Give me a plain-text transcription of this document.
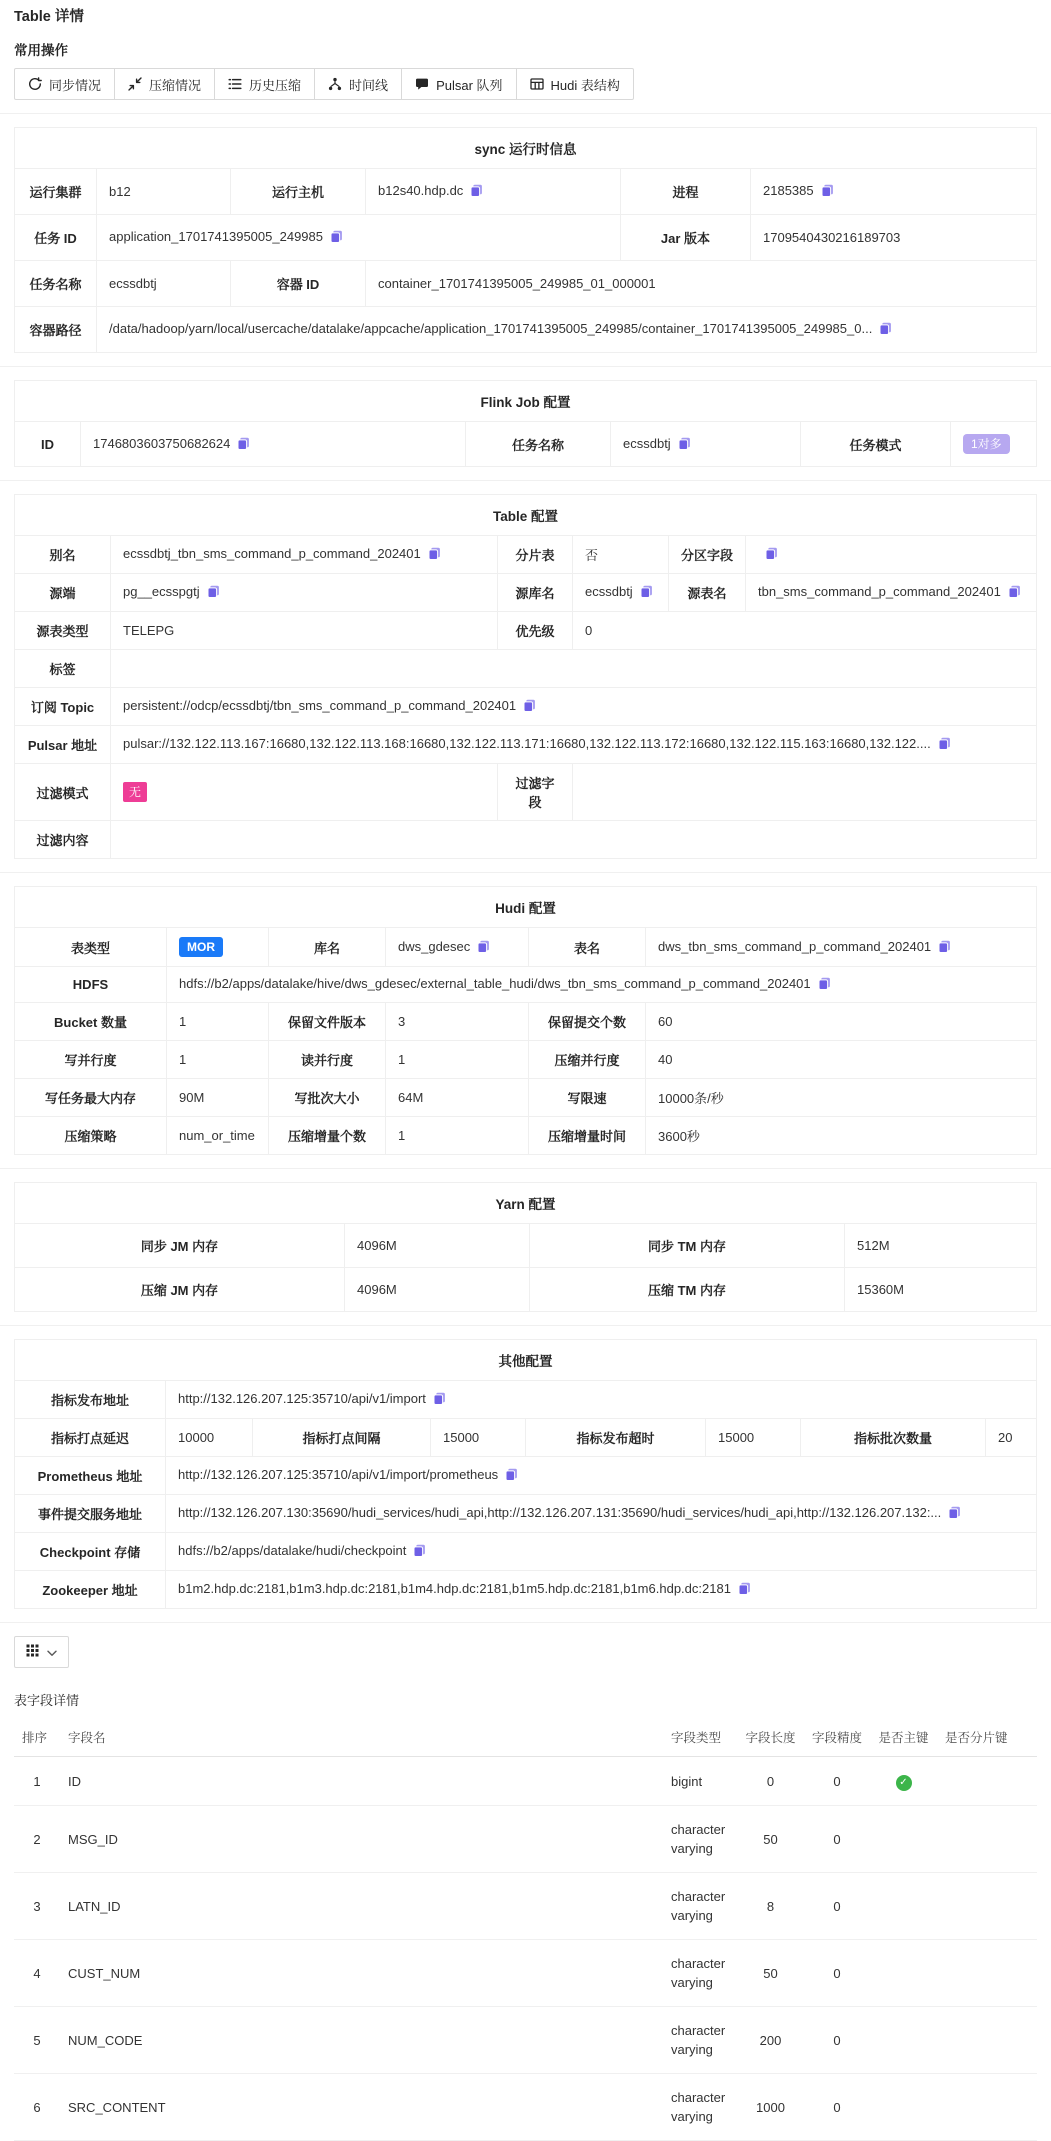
Table 详情
常用操作
同步情况	压缩情况	历史压缩	时间线	Pulsar 队列	Hudi 表结构
sync 运行时信息					
运行集群	b12	运行主机	b12s40.hdp.dc	进程	2185385
任务 ID	application_1701741395005_249985			Jar 版本	1709540430216189703
任务名称	ecssdbtj	容器 ID	container_1701741395005_249985_01_000001		
容器路径	/data/hadoop/yarn/local/usercache/datalake/appcache/application_1701741395005_249985/container_1701741395005_249985_0...				
Flink Job 配置
ID	1746803603750682624	任务名称	ecssdbtj	任务模式	1对多
Table 配置					
别名	ecssdbtj_tbn_sms_command_p_command_202401	分片表	否	分区字段	
源端	pg__ecsspgtj	源库名	ecssdbtj	源表名	tbn_sms_command_p_command_202401
源表类型	TELEPG	优先级	0		
标签					
订阅 Topic	persistent://odcp/ecssdbtj/tbn_sms_command_p_command_202401				
Pulsar 地址	pulsar://132.122.113.167:16680,132.122.113.168:16680,132.122.113.171:16680,132.122.113.172:16680,132.122.115.163:16680,132.122....				
过滤模式	无	过滤字段			
过滤内容					
Hudi 配置					
表类型	MOR	库名	dws_gdesec	表名	dws_tbn_sms_command_p_command_202401
HDFS	hdfs://b2/apps/datalake/hive/dws_gdesec/external_table_hudi/dws_tbn_sms_command_p_command_202401				
Bucket 数量	1	保留文件版本	3	保留提交个数	60
写并行度	1	读并行度	1	压缩并行度	40
写任务最大内存	90M	写批次大小	64M	写限速	10000条/秒
压缩策略	num_or_time	压缩增量个数	1	压缩增量时间	3600秒
Yarn 配置			
同步 JM 内存	4096M	同步 TM 内存	512M
压缩 JM 内存	4096M	压缩 TM 内存	15360M
其他配置							
指标发布地址	http://132.126.207.125:35710/api/v1/import						
指标打点延迟	10000	指标打点间隔	15000	指标发布超时	15000	指标批次数量	20
Prometheus 地址	http://132.126.207.125:35710/api/v1/import/prometheus						
事件提交服务地址	http://132.126.207.130:35690/hudi_services/hudi_api,http://132.126.207.131:35690/hudi_services/hudi_api,http://132.126.207.132:...						
Checkpoint 存储	hdfs://b2/apps/datalake/hudi/checkpoint						
Zookeeper 地址	b1m2.hdp.dc:2181,b1m3.hdp.dc:2181,b1m4.hdp.dc:2181,b1m5.hdp.dc:2181,b1m6.hdp.dc:2181						
表字段详情
排序	字段名	字段类型	字段长度	字段精度	是否主键	是否分片键
1	ID	bigint	0	0	✓	
2	MSG_ID	character varying	50	0		
3	LATN_ID	character varying	8	0		
4	CUST_NUM	character varying	50	0		
5	NUM_CODE	character varying	200	0		
6	SRC_CONTENT	character varying	1000	0		
